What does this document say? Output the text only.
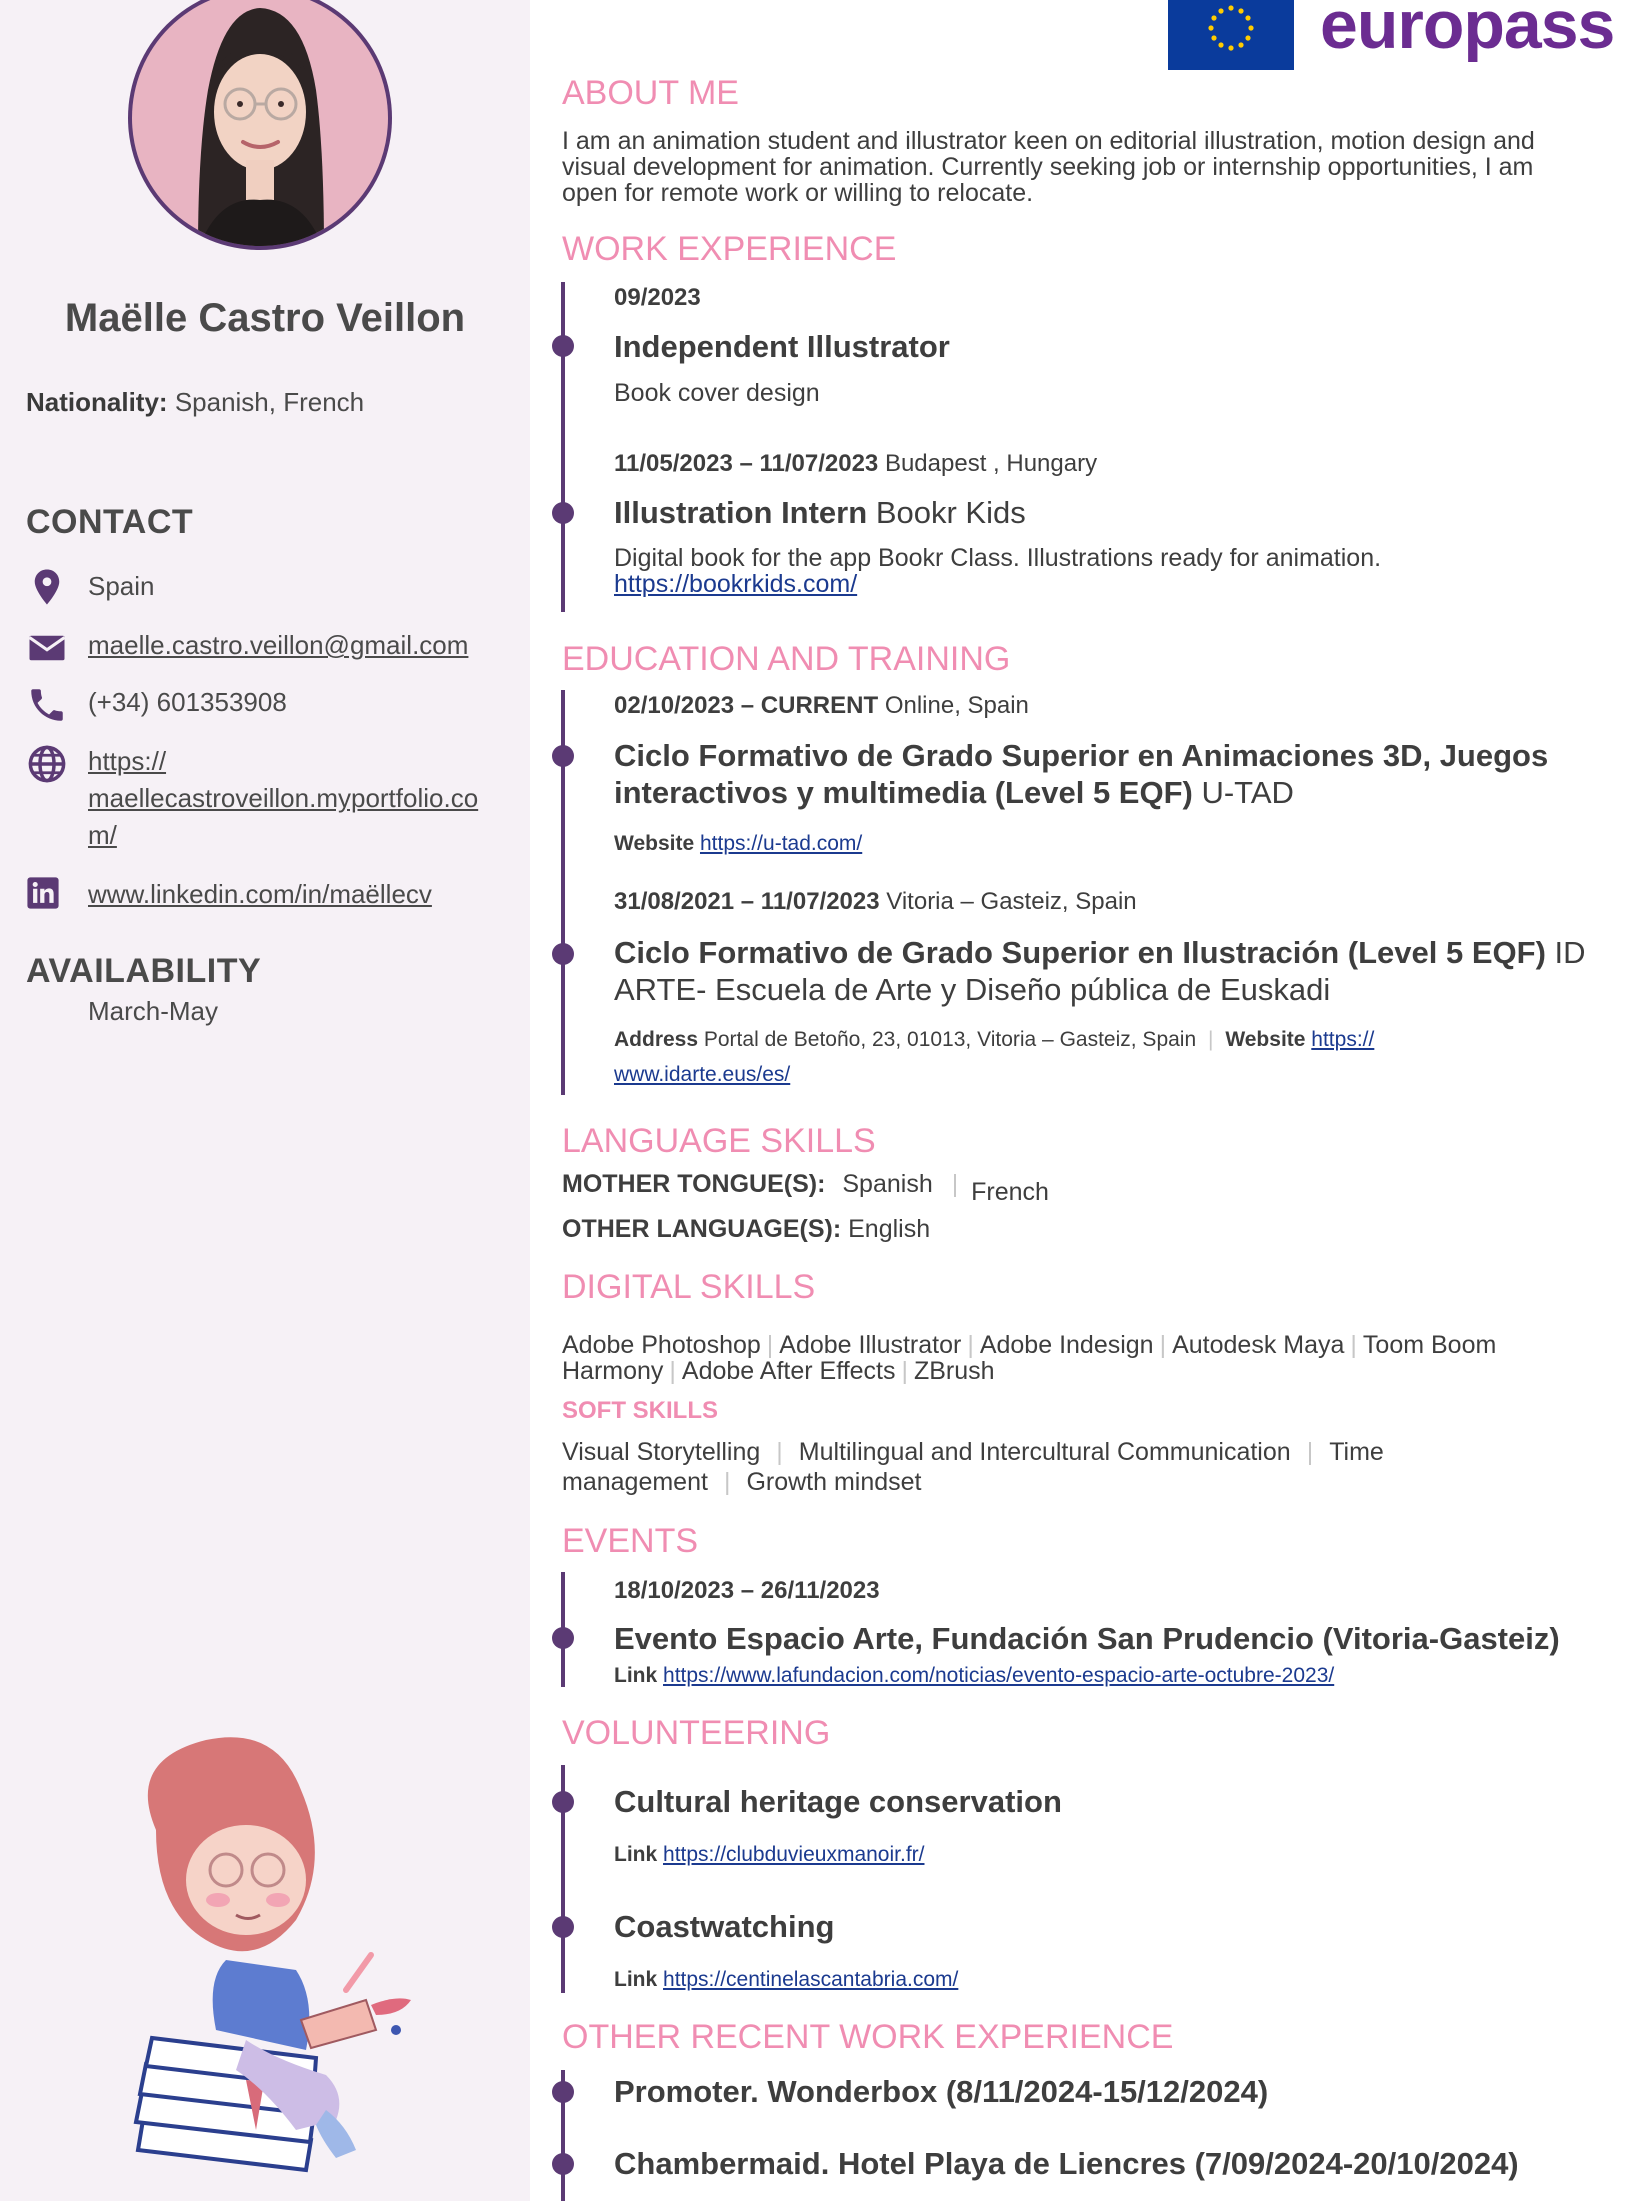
Maëlle Castro Veillon
Nationality: Spanish, French
CONTACT
Spain
maelle.castro.veillon@gmail.com
(+34) 601353908
https://
maellecastroveillon.myportfolio.co
m/
www.linkedin.com/in/maëllecv
AVAILABILITY
March-May
europass
ABOUT ME
I am an animation student and illustrator keen on editorial illustration, motion design and
visual development for animation. Currently seeking job or internship opportunities, I am
open for remote work or willing to relocate.
WORK EXPERIENCE
09/2023
Independent Illustrator
Book cover design
11/05/2023 – 11/07/2023 Budapest , Hungary
Illustration Intern Bookr Kids
Digital book for the app Bookr Class. Illustrations ready for animation.
https://bookrkids.com/
EDUCATION AND TRAINING
02/10/2023 – CURRENT Online, Spain
Ciclo Formativo de Grado Superior en Animaciones 3D, Juegos
interactivos y multimedia (Level 5 EQF) U-TAD
Website https://u-tad.com/
31/08/2021 – 11/07/2023 Vitoria – Gasteiz, Spain
Ciclo Formativo de Grado Superior en Ilustración (Level 5 EQF) ID
ARTE- Escuela de Arte y Diseño pública de Euskadi
Address Portal de Betoño, 23, 01013, Vitoria – Gasteiz, Spain | Website https://
www.idarte.eus/es/
LANGUAGE SKILLS
MOTHER TONGUE(S): Spanish | French
OTHER LANGUAGE(S): English
DIGITAL SKILLS
Adobe Photoshop | Adobe Illustrator | Adobe Indesign | Autodesk Maya | Toom Boom
Harmony | Adobe After Effects | ZBrush
SOFT SKILLS
Visual Storytelling | Multilingual and Intercultural Communication | Time
management | Growth mindset
EVENTS
18/10/2023 – 26/11/2023
Evento Espacio Arte, Fundación San Prudencio (Vitoria-Gasteiz)
Link https://www.lafundacion.com/noticias/evento-espacio-arte-octubre-2023/
VOLUNTEERING
Cultural heritage conservation
Link https://clubduvieuxmanoir.fr/
Coastwatching
Link https://centinelascantabria.com/
OTHER RECENT WORK EXPERIENCE
Promoter. Wonderbox (8/11/2024-15/12/2024)
Chambermaid. Hotel Playa de Liencres (7/09/2024-20/10/2024)
